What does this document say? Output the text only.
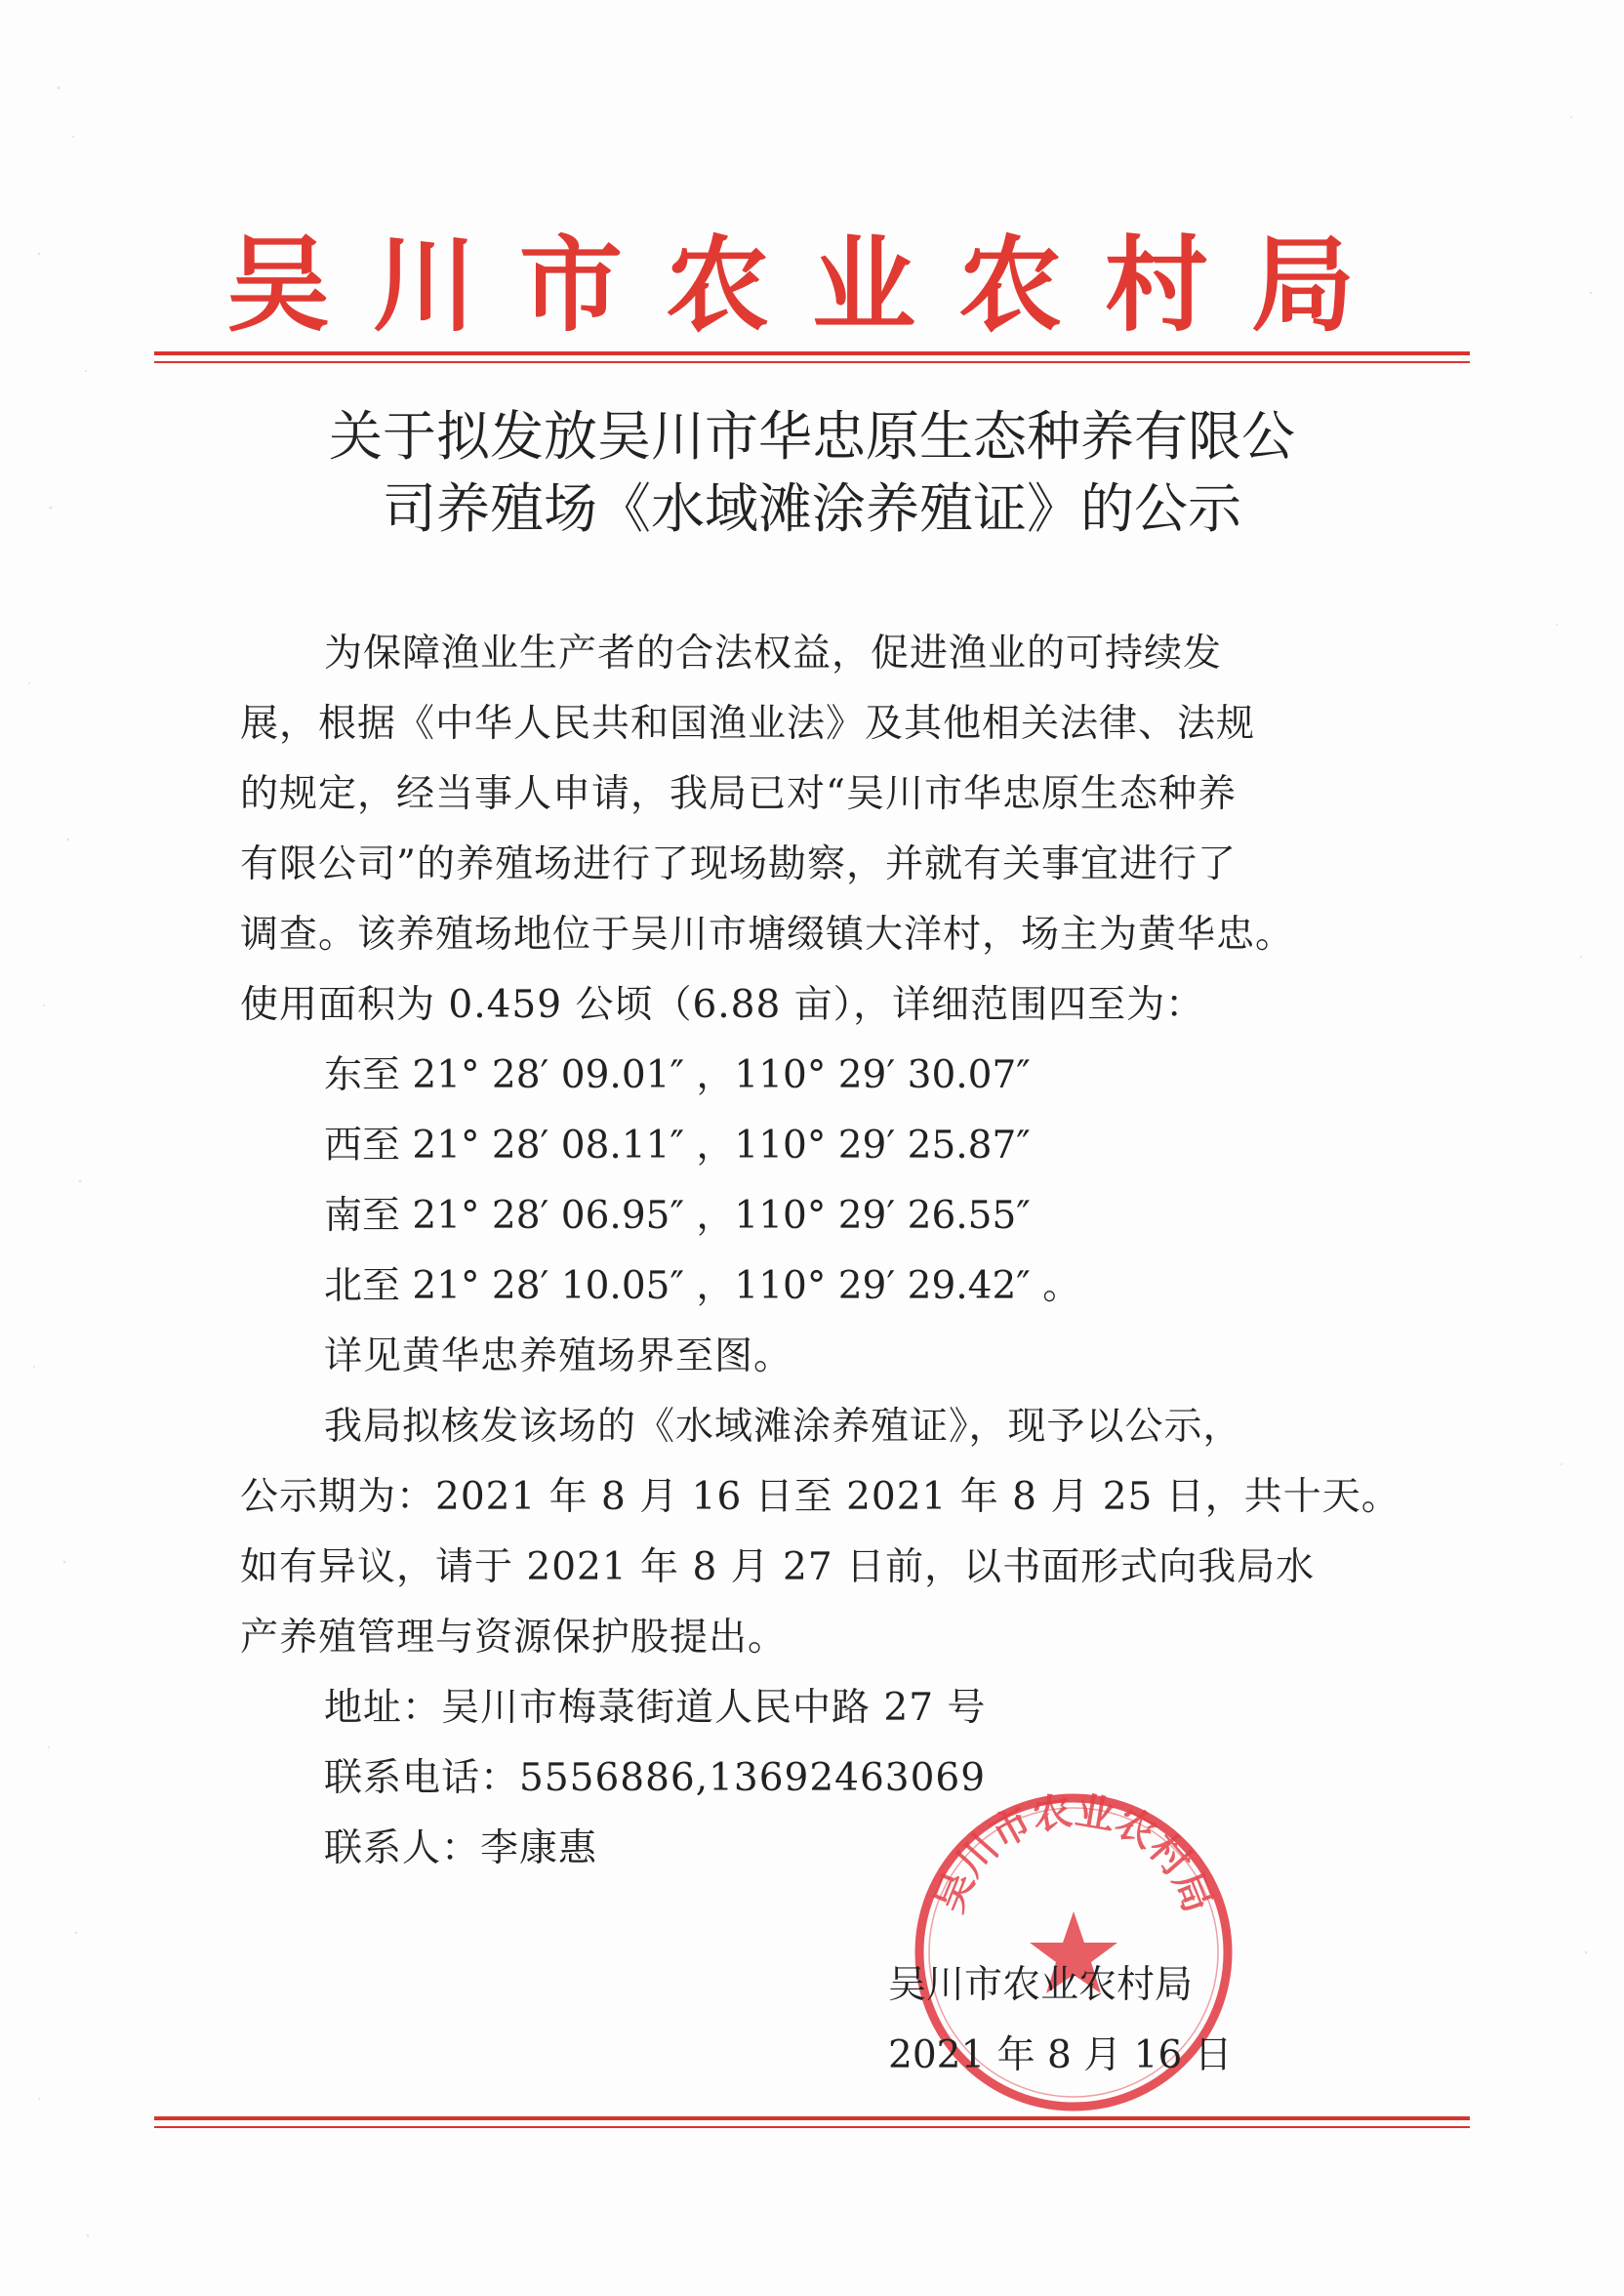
吴川市农业农村局
关于拟发放吴川市华忠原生态种养有限公
司养殖场《水域滩涂养殖证》的公示
为保障渔业生产者的合法权益，促进渔业的可持续发
展，根据《中华人民共和国渔业法》及其他相关法律、法规
的规定，经当事人申请，我局已对“吴川市华忠原生态种养
有限公司”的养殖场进行了现场勘察，并就有关事宜进行了
调查。该养殖场地位于吴川市塘缀镇大洋村，场主为黄华忠。
使用面积为 0.459 公顷（6.88 亩），详细范围四至为：
东至 21° 28′ 09.01″ ，110° 29′ 30.07″
西至 21° 28′ 08.11″ ，110° 29′ 25.87″
南至 21° 28′ 06.95″ ，110° 29′ 26.55″
北至 21° 28′ 10.05″ ，110° 29′ 29.42″ 。
详见黄华忠养殖场界至图。
我局拟核发该场的《水域滩涂养殖证》，现予以公示，
公示期为：2021 年 8 月 16 日至 2021 年 8 月 25 日，共十天。
如有异议，请于 2021 年 8 月 27 日前，以书面形式向我局水
产养殖管理与资源保护股提出。
地址：吴川市梅菉街道人民中路 27 号
联系电话：5556886,13692463069
联系人：李康惠
吴川市农业农村局
吴川市农业农村局
2021 年 8 月 16 日
